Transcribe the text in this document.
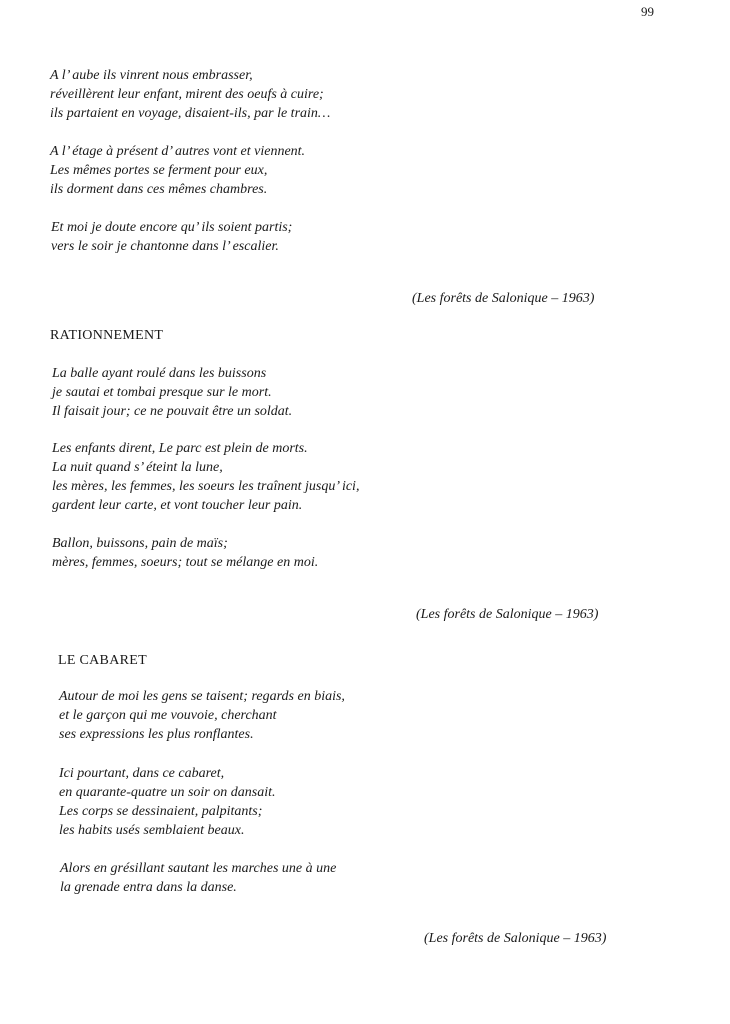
99
A l’ aube ils vinrent nous embrasser,
réveillèrent leur enfant, mirent des oeufs à cuire;
ils partaient en voyage, disaient-ils, par le train…
A l’ étage à présent d’ autres vont et viennent.
Les mêmes portes se ferment pour eux,
ils dorment dans ces mêmes chambres.
Et moi je doute encore qu’ ils soient partis;
vers le soir je chantonne dans l’ escalier.
(Les forêts de Salonique – 1963)
RATIONNEMENT
La balle ayant roulé dans les buissons
je sautai et tombai presque sur le mort.
Il faisait jour; ce ne pouvait être un soldat.
Les enfants dirent, Le parc est plein de morts.
La nuit quand s’ éteint la lune,
les mères, les femmes, les soeurs les traînent jusqu’ ici,
gardent leur carte, et vont toucher leur pain.
Ballon, buissons, pain de maïs;
mères, femmes, soeurs; tout se mélange en moi.
(Les forêts de Salonique – 1963)
LE CABARET
Autour de moi les gens se taisent; regards en biais,
et le garçon qui me vouvoie, cherchant
ses expressions les plus ronflantes.
Ici pourtant, dans ce cabaret,
en quarante-quatre un soir on dansait.
Les corps se dessinaient, palpitants;
les habits usés semblaient beaux.
Alors en grésillant sautant les marches une à une
la grenade entra dans la danse.
(Les forêts de Salonique – 1963)
